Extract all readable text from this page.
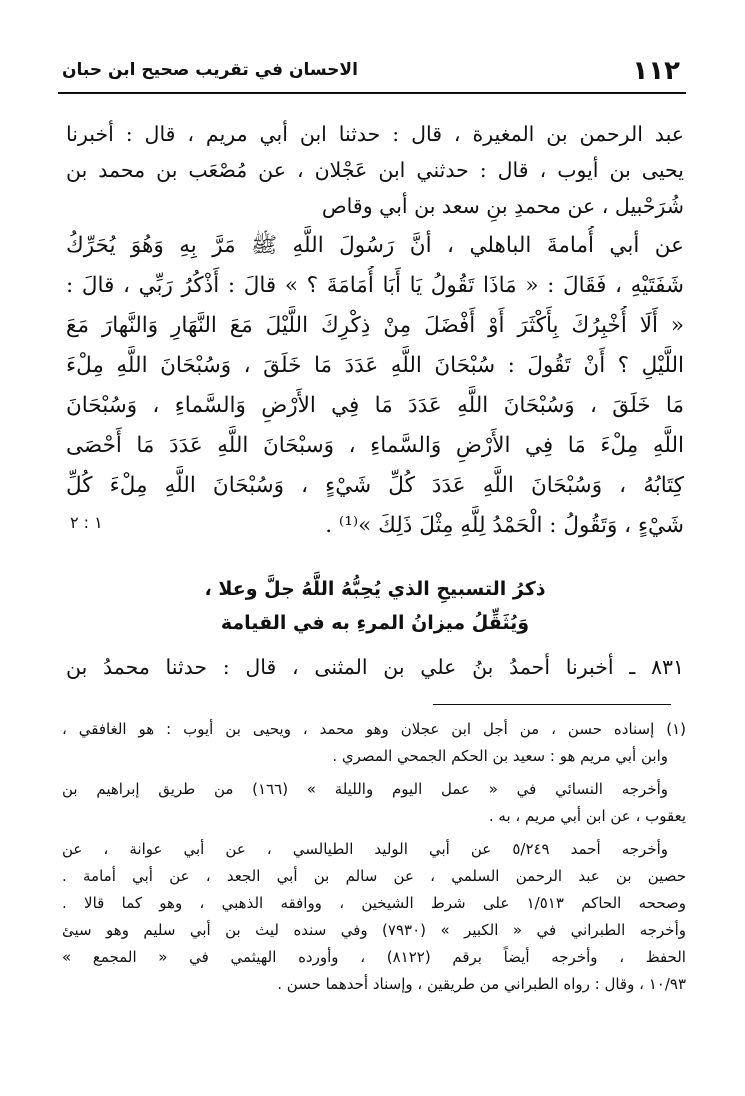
١١٢
الاحسان في تقريب صحيح ابن حبان
عبد الرحمن بن المغيرة ، قال : حدثنا ابن أبي مريم ، قال : أخبرنا
يحيى بن أيوب ، قال : حدثني ابن عَجْلان ، عن مُصْعَب بن محمد بن
شُرَحْبيل ، عن محمدِ بنِ سعد بن أبي وقاص
عن أبي أُمامةَ الباهلي ، أنَّ رَسُولَ اللَّهِ ﷺ مَرَّ بِهِ وَهُوَ يُحَرِّكُ
شَفَتَيْهِ ، فَقَالَ : « مَاذَا تَقُولُ يَا أَبَا أُمَامَةَ ؟ » قالَ : أَذْكُرُ رَبِّي ، قالَ :
« أَلَا أُخْبِرُكَ بِأَكْثَرَ أَوْ أَفْضَلَ مِنْ ذِكْرِكَ اللَّيْلَ مَعَ النَّهَارِ وَالنَّهارَ مَعَ
اللَّيْلِ ؟ أَنْ تَقُولَ : سُبْحَانَ اللَّهِ عَدَدَ مَا خَلَقَ ، وَسُبْحَانَ اللَّهِ مِلْءَ
مَا خَلَقَ ، وَسُبْحَانَ اللَّهِ عَدَدَ مَا فِي الأَرْضِ وَالسَّماءِ ، وَسُبْحَانَ
اللَّهِ مِلْءَ مَا فِي الأَرْضِ وَالسَّماءِ ، وَسبْحَانَ اللَّهِ عَدَدَ مَا أَحْصَى
كِتَابُهُ ، وَسُبْحَانَ اللَّهِ عَدَدَ كُلِّ شَيْءٍ ، وَسُبْحَانَ اللَّهِ مِلْءَ كُلِّ
شَيْءٍ ، وَتَقُولُ : الْحَمْدُ لِلَّهِ مِثْلَ ذَلِكَ »⁽¹⁾ .
١ : ٢
ذكرُ التسبيحِ الذي يُحِبُّهُ اللَّهُ جلَّ وعلا ،
وَيُثَقِّلُ ميزانُ المرءِ به في القيامة
٨٣١ ـ أخبرنا أحمدُ بنُ علي بن المثنى ، قال : حدثنا محمدُ بن
(١) إسناده حسن ، من أجل ابن عجلان وهو محمد ، ويحيى بن أيوب : هو الغافقي ،
وابن أبي مريم هو : سعيد بن الحكم الجمحي المصري .
وأخرجه النسائي في « عمل اليوم والليلة » (١٦٦) من طريق إبراهيم بن
يعقوب ، عن ابن أبي مريم ، به .
وأخرجه أحمد ٥/٢٤٩ عن أبي الوليد الطيالسي ، عن أبي عوانة ، عن
حصين بن عبد الرحمن السلمي ، عن سالم بن أبي الجعد ، عن أبي أمامة .
وصححه الحاكم ١/٥١٣ على شرط الشيخين ، ووافقه الذهبي ، وهو كما قالا .
وأخرجه الطبراني في « الكبير » (٧٩٣٠) وفي سنده ليث بن أبي سليم وهو سيئ
الحفظ ، وأخرجه أيضاً برقم (٨١٢٢) ، وأورده الهيثمي في « المجمع »
١٠/٩٣ ، وقال : رواه الطبراني من طريقين ، وإسناد أحدهما حسن .
